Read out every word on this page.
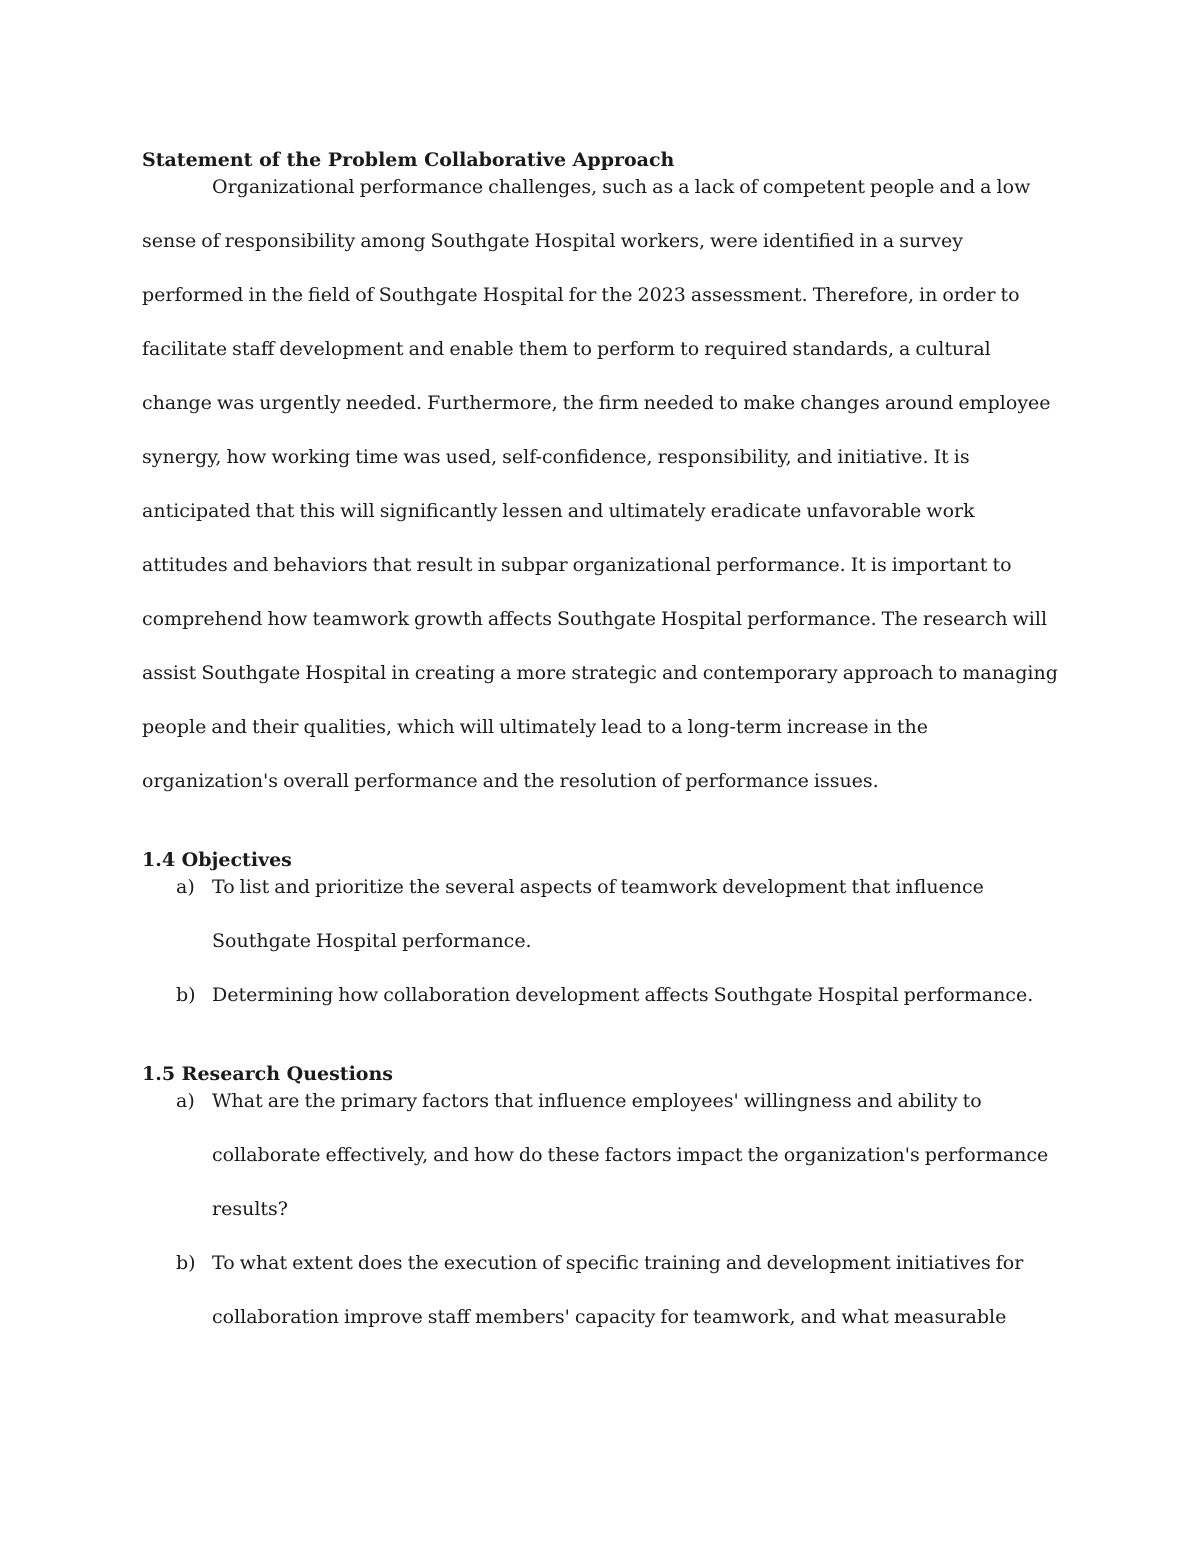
Statement of the Problem Collaborative Approach

Organizational performance challenges, such as a lack of competent people and a low sense of responsibility among Southgate Hospital workers, were identified in a survey performed in the field of Southgate Hospital for the 2023 assessment. Therefore, in order to facilitate staff development and enable them to perform to required standards, a cultural change was urgently needed. Furthermore, the firm needed to make changes around employee synergy, how working time was used, self-confidence, responsibility, and initiative. It is anticipated that this will significantly lessen and ultimately eradicate unfavorable work attitudes and behaviors that result in subpar organizational performance. It is important to comprehend how teamwork growth affects Southgate Hospital performance. The research will assist Southgate Hospital in creating a more strategic and contemporary approach to managing people and their qualities, which will ultimately lead to a long-term increase in the organization's overall performance and the resolution of performance issues.

1.4 Objectives
a) To list and prioritize the several aspects of teamwork development that influence Southgate Hospital performance.
b) Determining how collaboration development affects Southgate Hospital performance.
1.5 Research Questions
a) What are the primary factors that influence employees' willingness and ability to collaborate effectively, and how do these factors impact the organization's performance results?
b) To what extent does the execution of specific training and development initiatives for collaboration improve staff members' capacity for teamwork, and what measurable
